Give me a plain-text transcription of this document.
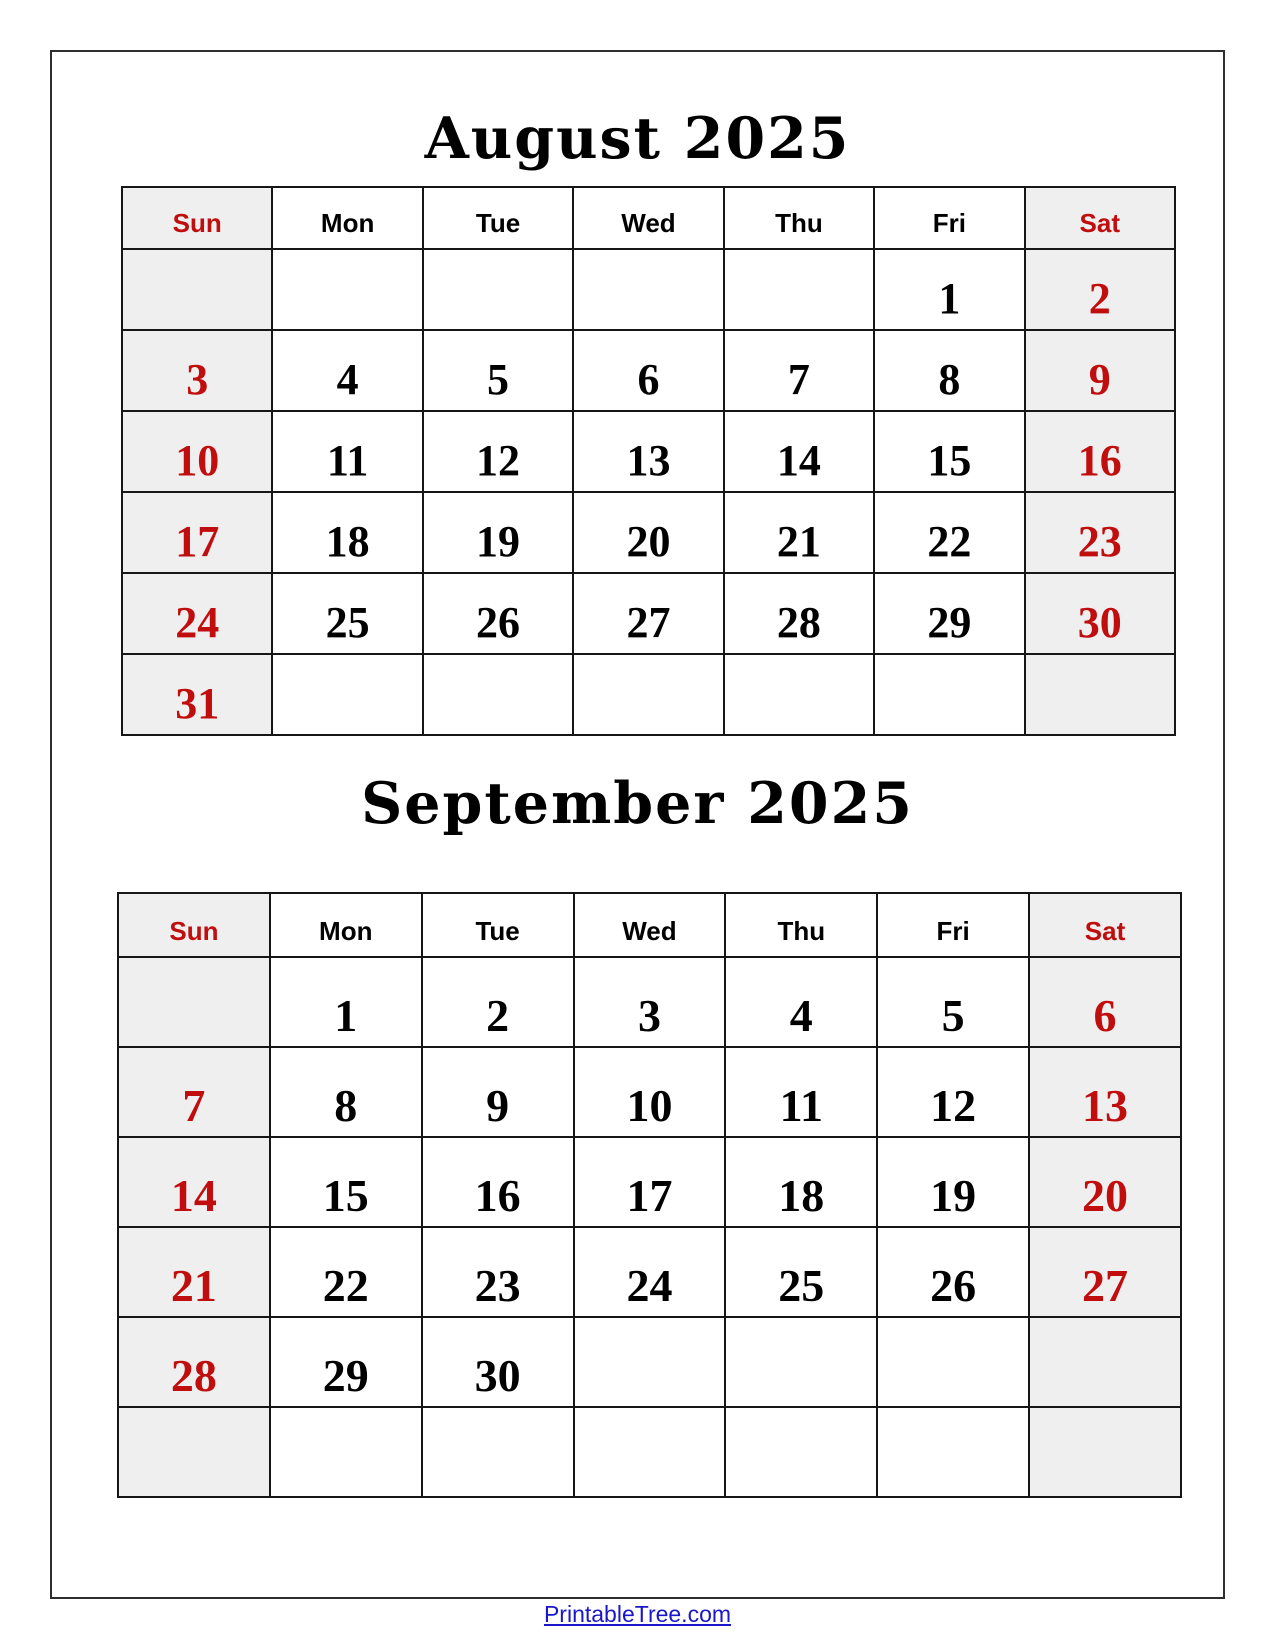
August 2025
Sun	Mon	Tue	Wed	Thu	Fri	Sat
					1	2
3	4	5	6	7	8	9
10	11	12	13	14	15	16
17	18	19	20	21	22	23
24	25	26	27	28	29	30
31						
September 2025
Sun	Mon	Tue	Wed	Thu	Fri	Sat
	1	2	3	4	5	6
7	8	9	10	11	12	13
14	15	16	17	18	19	20
21	22	23	24	25	26	27
28	29	30				

PrintableTree.com
